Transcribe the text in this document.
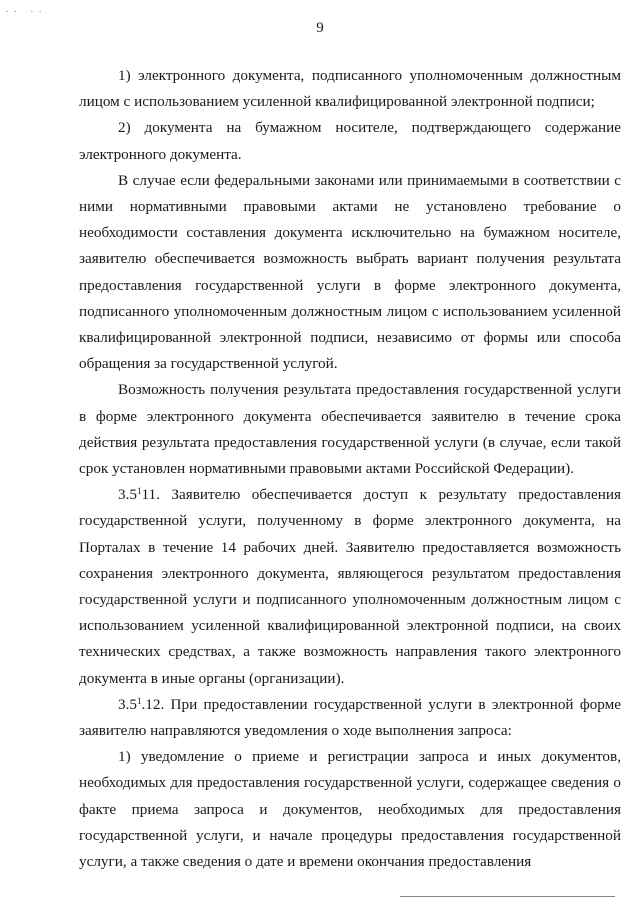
.. ..
9

1) электронного документа, подписанного уполномоченным должностным лицом с использованием усиленной квалифицированной электронной подписи;

2) документа на бумажном носителе, подтверждающего содержание электронного документа.

В случае если федеральными законами или принимаемыми в соответствии с ними нормативными правовыми актами не установлено требование о необходимости составления документа исключительно на бумажном носителе, заявителю обеспечивается возможность выбрать вариант получения результата предоставления государственной услуги в форме электронного документа, подписанного уполномоченным должностным лицом с использованием усиленной квалифицированной электронной подписи, независимо от формы или способа обращения за государственной услугой.

Возможность получения результата предоставления государственной услуги в форме электронного документа обеспечивается заявителю в течение срока действия результата предоставления государственной услуги (в случае, если такой срок установлен нормативными правовыми актами Российской Федерации).

$3.5^111$. Заявителю обеспечивается доступ к результату предоставления государственной услуги, полученному в форме электронного документа, на Порталах в течение 14 рабочих дней. Заявителю предоставляется возможность сохранения электронного документа, являющегося результатом предоставления государственной услуги и подписанного уполномоченным должностным лицом с использованием усиленной квалифицированной электронной подписи, на своих технических средствах, а также возможность направления такого электронного документа в иные органы (организации).

$3.5^1.12$. При предоставлении государственной услуги в электронной форме заявителю направляются уведомления о ходе выполнения запроса:

1) уведомление о приеме и регистрации запроса и иных документов, необходимых для предоставления государственной услуги, содержащее сведения о факте приема запроса и документов, необходимых для предоставления государственной услуги, и начале процедуры предоставления государственной услуги, а также сведения о дате и времени окончания предоставления
